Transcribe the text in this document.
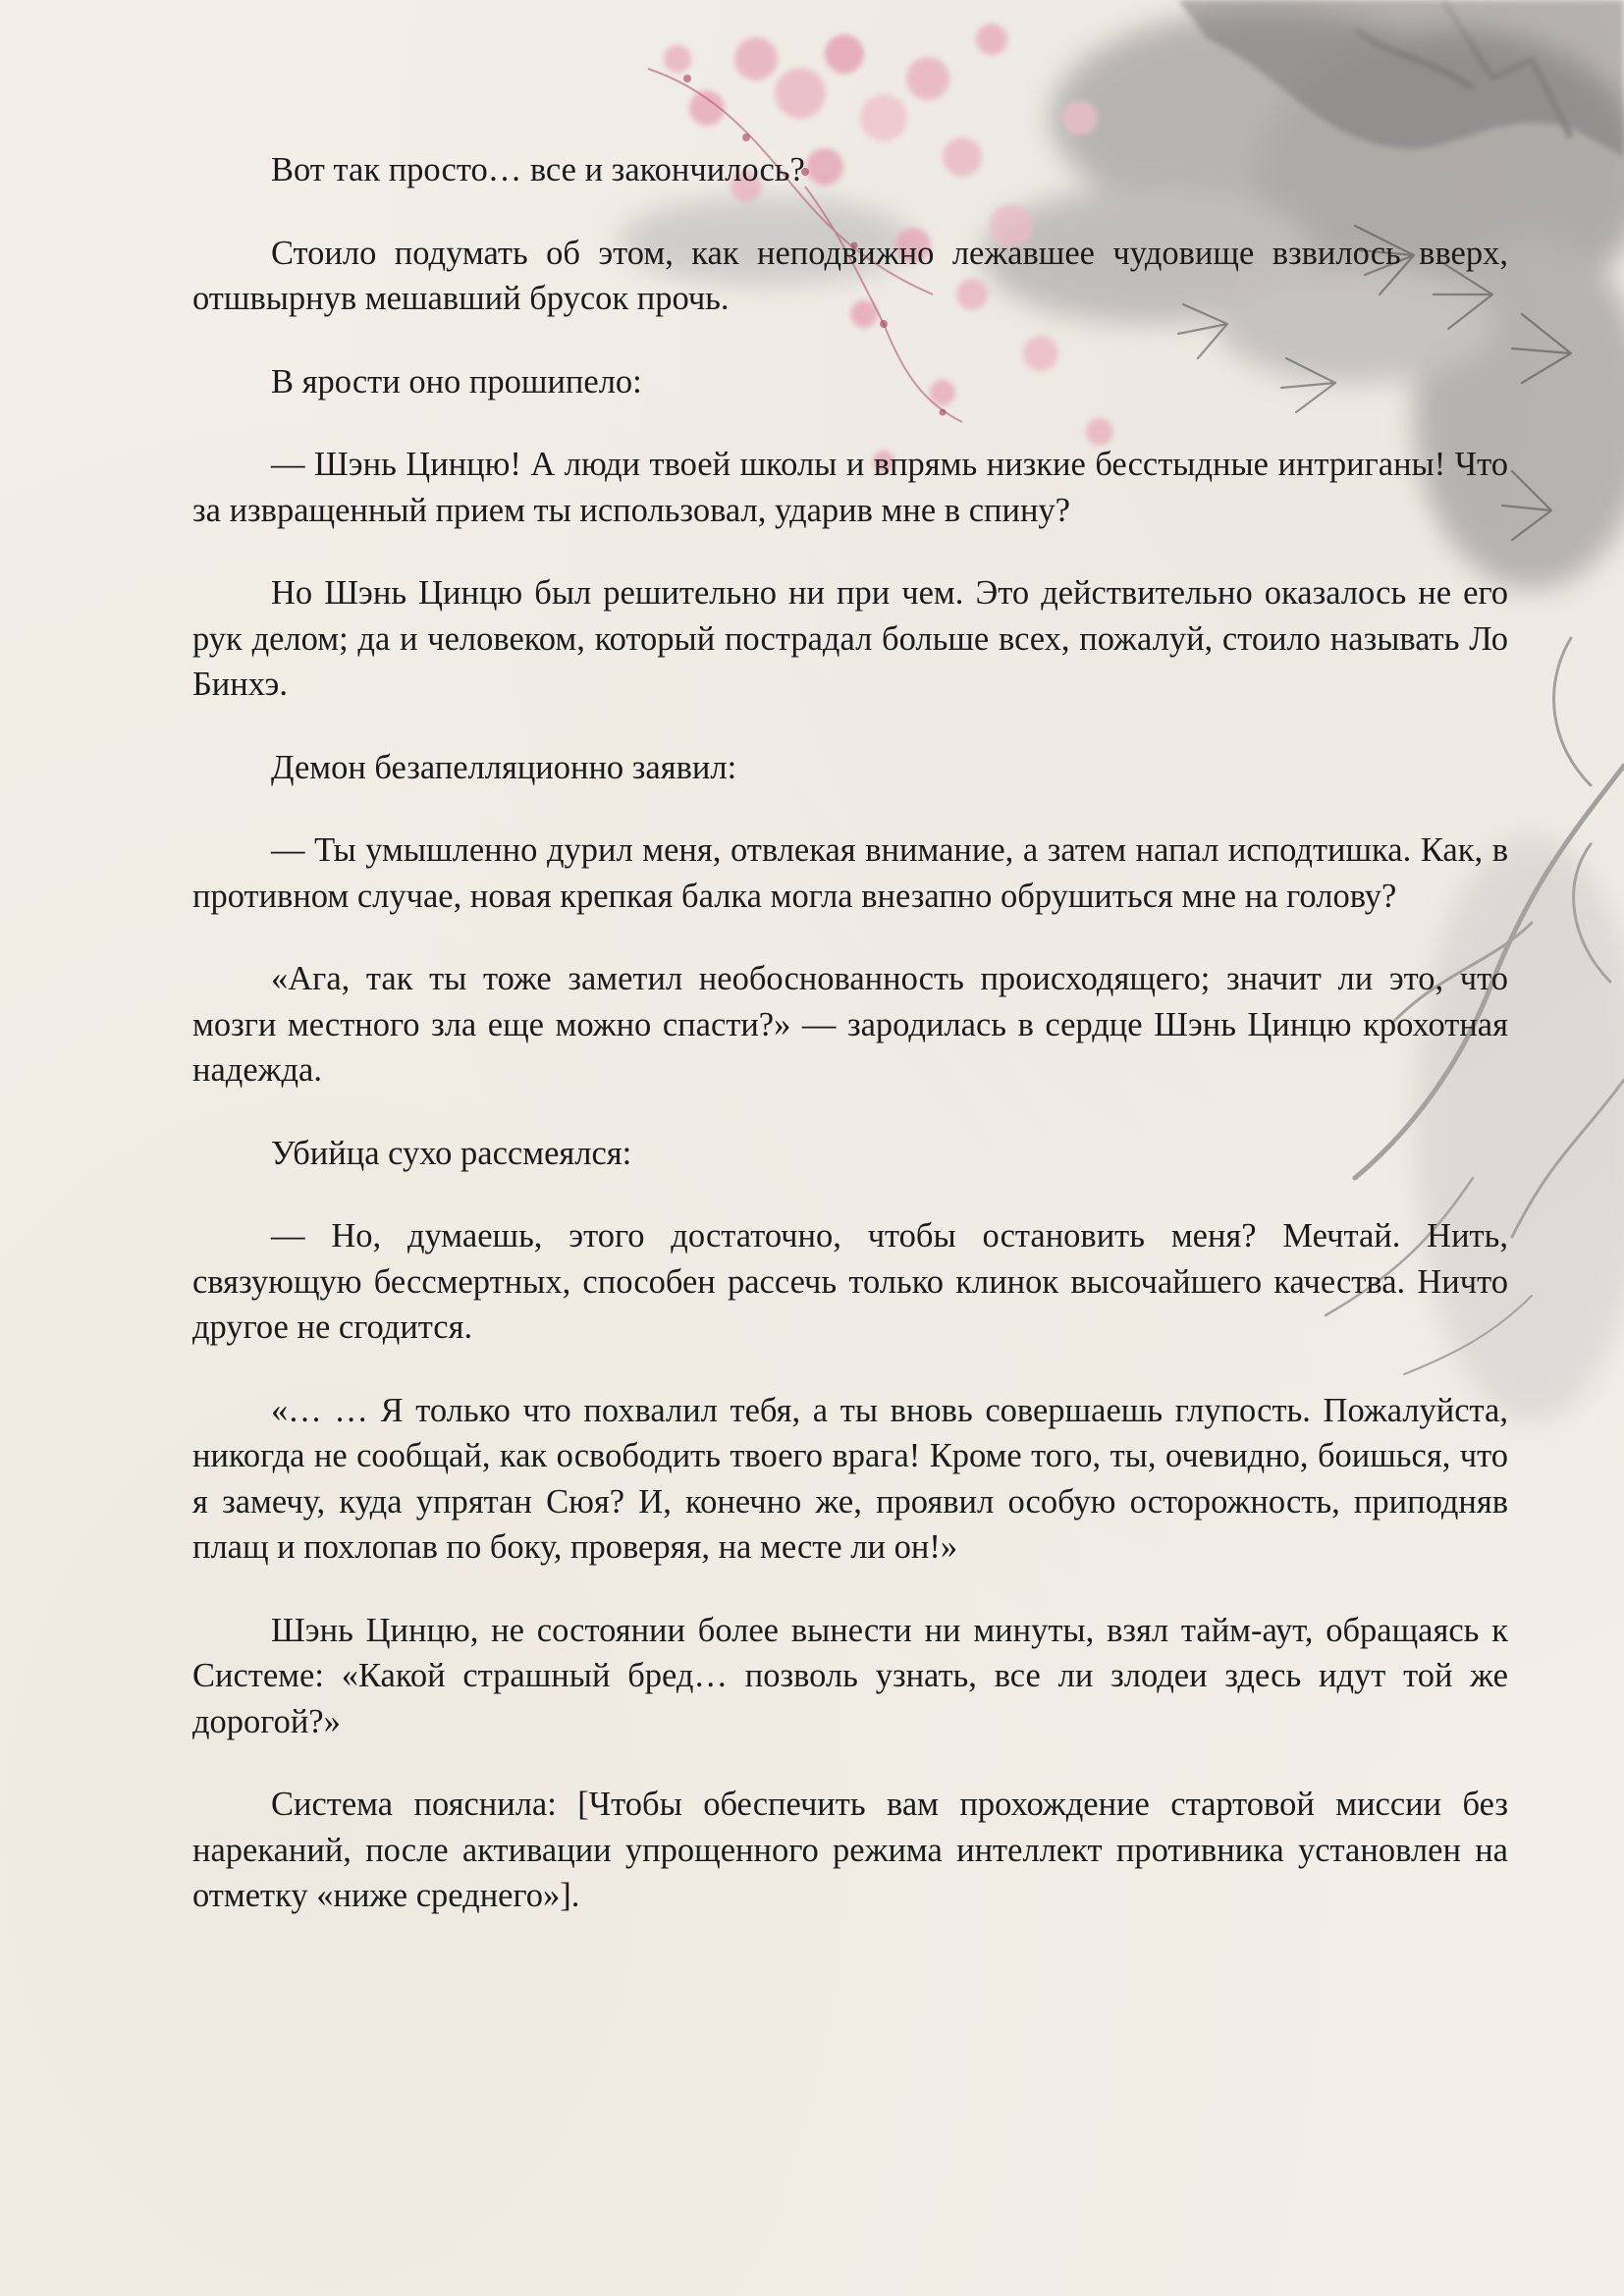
Вот так просто… все и закончилось?

Стоило подумать об этом, как неподвижно лежавшее чудовище взвилось вверх, отшвырнув мешавший брусок прочь.

В ярости оно прошипело:

— Шэнь Цинцю! А люди твоей школы и впрямь низкие бесстыдные интриганы! Что за извращенный прием ты использовал, ударив мне в спину?

Но Шэнь Цинцю был решительно ни при чем. Это действительно оказалось не его рук делом; да и человеком, который пострадал больше всех, пожалуй, стоило называть Ло Бинхэ.

Демон безапелляционно заявил:

— Ты умышленно дурил меня, отвлекая внимание, а затем напал исподтишка. Как, в противном случае, новая крепкая балка могла внезапно обрушиться мне на голову?

«Ага, так ты тоже заметил необоснованность происходящего; значит ли это, что мозги местного зла еще можно спасти?» — зародилась в сердце Шэнь Цинцю крохотная надежда.

Убийца сухо рассмеялся:

— Но, думаешь, этого достаточно, чтобы остановить меня? Мечтай. Нить, связующую бессмертных, способен рассечь только клинок высочайшего качества. Ничто другое не сгодится.

«… … Я только что похвалил тебя, а ты вновь совершаешь глупость. Пожалуйста, никогда не сообщай, как освободить твоего врага! Кроме того, ты, очевидно, боишься, что я замечу, куда упрятан Сюя? И, конечно же, проявил особую осторожность, приподняв плащ и похлопав по боку, проверяя, на месте ли он!»

Шэнь Цинцю, не состоянии более вынести ни минуты, взял тайм-аут, обращаясь к Системе: «Какой страшный бред… позволь узнать, все ли злодеи здесь идут той же дорогой?»

Система пояснила: [Чтобы обеспечить вам прохождение стартовой миссии без нареканий, после активации упрощенного режима интеллект противника установлен на отметку «ниже среднего»].
